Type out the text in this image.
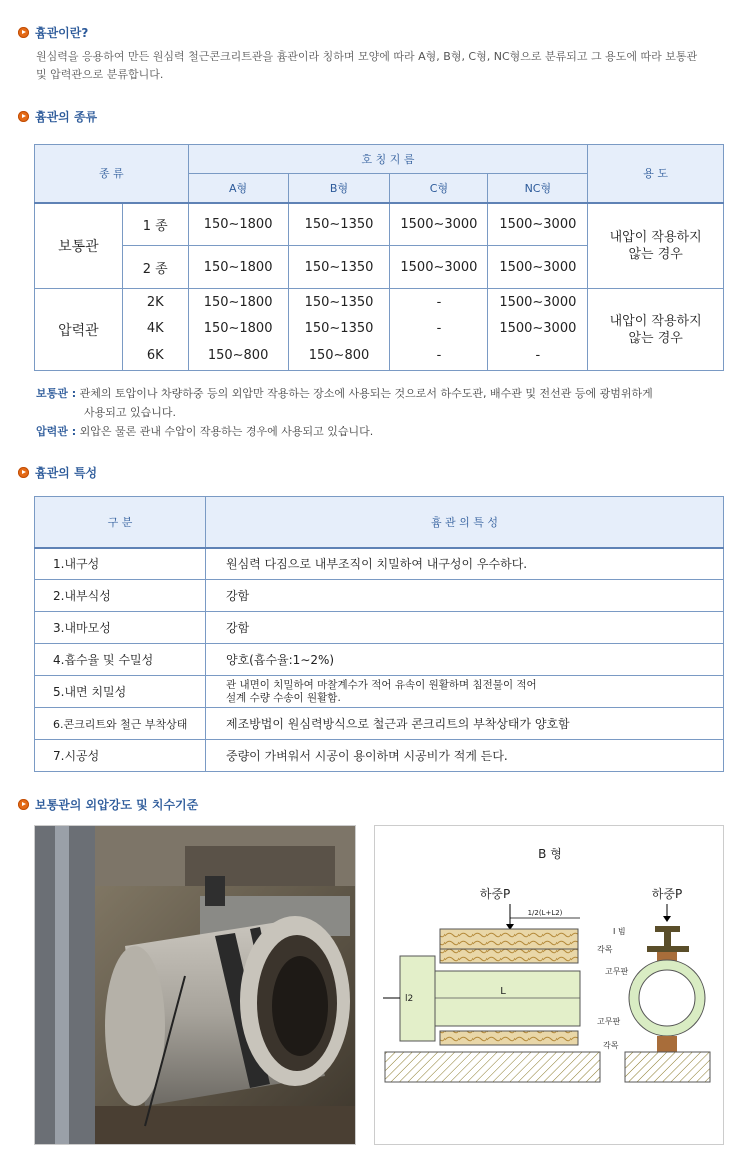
흄관이란?
원심력을 응용하여 만든 원심력 철근콘크리트관을 흄관이라 칭하며 모양에 따라 A형, B형, C형, NC형으로 분류되고 그 용도에 따라 보통관
및 압력관으로 분류합니다.
흄관의 종류
종 류		호 칭 지 름				용 도
		A형	B형	C형	NC형	
보통관	1 종	150∼1800	150∼1350	1500∼3000	1500∼3000	내압이 작용하지
않는 경우

	2 종	150∼1800	150∼1350	1500∼3000	1500∼3000	
압력관	2K	150∼1800	150∼1350	-	1500∼3000	내압이 작용하지
않는 경우

	4K	150∼1800	150∼1350	-	1500∼3000	
	6K	150∼800	150∼800	-	-	
보통관 : 관체의 토압이나 차량하중 등의 외압만 작용하는 장소에 사용되는 것으로서 하수도관, 배수관 및 전선관 등에 광범위하게
사용되고 있습니다.
압력관 : 외압은 물론 관내 수압이 작용하는 경우에 사용되고 있습니다.
흄관의 특성
구 분	흄 관 의 특 성
1.내구성	원심력 다짐으로 내부조직이 치밀하여 내구성이 우수하다.
2.내부식성	강함
3.내마모성	강함
4.흡수율 및 수밀성	양호(흡수율:1∼2%)
5.내면 치밀성	관 내면이 치밀하여 마찰계수가 적어 유속이 원활하며 침전물이 적어
설계 수량 수송이 원활함.

6.콘크리트와 철근 부착상태	제조방법이 원심력방식으로 철근과 콘크리트의 부착상태가 양호함
7.시공성	중량이 가벼워서 시공이 용이하며 시공비가 적게 든다.
보통관의 외압강도 및 치수기준
B 형
하중P	하중P
1/2(L+L2)
I 빔
각목
고무판
l2
L
고무판
각목
